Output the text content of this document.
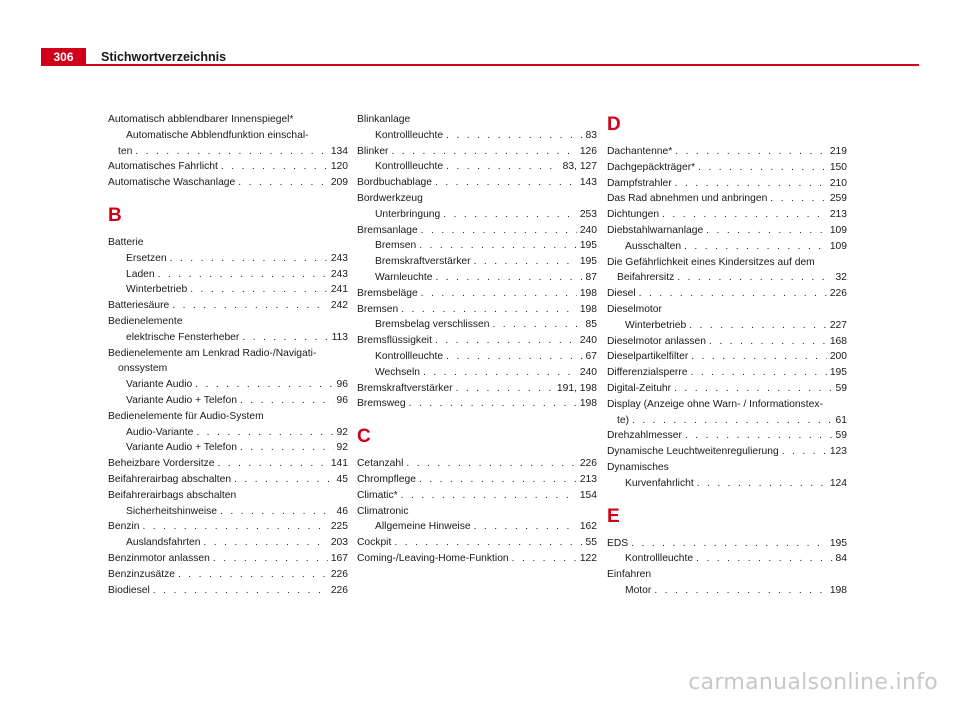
306 Stichwortverzeichnis
Automatisch abblendbarer Innenspiegel*
Automatische Abblendfunktion einschal-
ten . . .	134
Automatisches Fahrlicht . . .	120
Automatische Waschanlage . . .	209
B
Batterie
Ersetzen . . .	243
Laden . . .	243
Winterbetrieb . . .	241
Batteriesäure . . .	242
Bedienelemente
elektrische Fensterheber . . .	113
Bedienelemente am Lenkrad Radio-/Navigati-
onssystem
Variante Audio . . .	96
Variante Audio + Telefon . . .	96
Bedienelemente für Audio-System
Audio-Variante . . .	92
Variante Audio + Telefon . . .	92
Beheizbare Vordersitze . . .	141
Beifahrerairbag abschalten . . .	45
Beifahrerairbags abschalten
Sicherheitshinweise . . .	46
Benzin . . .	225
Auslandsfahrten . . .	203
Benzinmotor anlassen . . .	167
Benzinzusätze . . .	226
Biodiesel . . .	226
Blinkanlage
Kontrollleuchte . . .	83
Blinker . . .	126
Kontrollleuchte . . .	83, 127
Bordbuchablage . . .	143
Bordwerkzeug
Unterbringung . . .	253
Bremsanlage . . .	240
Bremsen . . .	195
Bremskraftverstärker . . .	195
Warnleuchte . . .	87
Bremsbeläge . . .	198
Bremsen . . .	198
Bremsbelag verschlissen . . .	85
Bremsflüssigkeit . . .	240
Kontrollleuchte . . .	67
Wechseln . . .	240
Bremskraftverstärker . . .	191, 198
Bremsweg . . .	198
C
Cetanzahl . . .	226
Chrompflege . . .	213
Climatic* . . .	154
Climatronic
Allgemeine Hinweise . . .	162
Cockpit . . .	55
Coming-/Leaving-Home-Funktion . . .	122
D
Dachantenne* . . .	219
Dachgepäckträger* . . .	150
Dampfstrahler . . .	210
Das Rad abnehmen und anbringen . . .	259
Dichtungen . . .	213
Diebstahlwarnanlage . . .	109
Ausschalten . . .	109
Die Gefährlichkeit eines Kindersitzes auf dem
Beifahrersitz . . .	32
Diesel . . .	226
Dieselmotor
Winterbetrieb . . .	227
Dieselmotor anlassen . . .	168
Dieselpartikelfilter . . .	200
Differenzialsperre . . .	195
Digital-Zeituhr . . .	59
Display (Anzeige ohne Warn- / Informationstex-
te) . . .	61
Drehzahlmesser . . .	59
Dynamische Leuchtweitenregulierung . . .	123
Dynamisches
Kurvenfahrlicht . . .	124
E
EDS . . .	195
Kontrollleuchte . . .	84
Einfahren
Motor . . .	198
carmanualsonline.info
